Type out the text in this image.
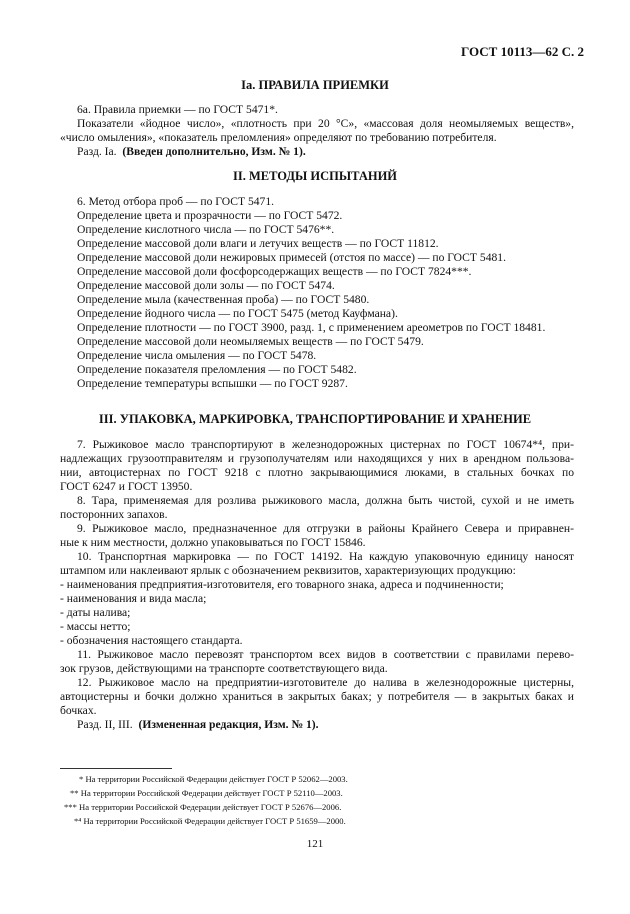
ГОСТ 10113—62 С. 2
Ia. ПРАВИЛА ПРИЕМКИ
6а. Правила приемки — по ГОСТ 5471*.
Показатели «йодное число», «плотность при 20 °С», «массовая доля неомыляемых веществ»,
«число омыления», «показатель преломления» определяют по требованию потребителя.
Разд. Ia. (Введен дополнительно, Изм. № 1).
II. МЕТОДЫ ИСПЫТАНИЙ
6. Метод отбора проб — по ГОСТ 5471.
Определение цвета и прозрачности — по ГОСТ 5472.
Определение кислотного числа — по ГОСТ 5476**.
Определение массовой доли влаги и летучих веществ — по ГОСТ 11812.
Определение массовой доли нежировых примесей (отстоя по массе) — по ГОСТ 5481.
Определение массовой доли фосфорсодержащих веществ — по ГОСТ 7824***.
Определение массовой доли золы — по ГОСТ 5474.
Определение мыла (качественная проба) — по ГОСТ 5480.
Определение йодного числа — по ГОСТ 5475 (метод Кауфмана).
Определение плотности — по ГОСТ 3900, разд. 1, с применением ареометров по ГОСТ 18481.
Определение массовой доли неомыляемых веществ — по ГОСТ 5479.
Определение числа омыления — по ГОСТ 5478.
Определение показателя преломления — по ГОСТ 5482.
Определение температуры вспышки — по ГОСТ 9287.
III. УПАКОВКА, МАРКИРОВКА, ТРАНСПОРТИРОВАНИЕ И ХРАНЕНИЕ
7. Рыжиковое масло транспортируют в железнодорожных цистернах по ГОСТ 10674*⁴, при-
надлежащих грузоотправителям и грузополучателям или находящихся у них в арендном пользова-
нии, автоцистернах по ГОСТ 9218 с плотно закрывающимися люками, в стальных бочках по
ГОСТ 6247 и ГОСТ 13950.
8. Тара, применяемая для розлива рыжикового масла, должна быть чистой, сухой и не иметь
посторонних запахов.
9. Рыжиковое масло, предназначенное для отгрузки в районы Крайнего Севера и приравнен-
ные к ним местности, должно упаковываться по ГОСТ 15846.
10. Транспортная маркировка — по ГОСТ 14192. На каждую упаковочную единицу наносят
штампом или наклеивают ярлык с обозначением реквизитов, характеризующих продукцию:
- наименования предприятия-изготовителя, его товарного знака, адреса и подчиненности;
- наименования и вида масла;
- даты налива;
- массы нетто;
- обозначения настоящего стандарта.
11. Рыжиковое масло перевозят транспортом всех видов в соответствии с правилами перево-
зок грузов, действующими на транспорте соответствующего вида.
12. Рыжиковое масло на предприятии-изготовителе до налива в железнодорожные цистерны,
автоцистерны и бочки должно храниться в закрытых баках; у потребителя — в закрытых баках и
бочках.
Разд. II, III. (Измененная редакция, Изм. № 1).
* На территории Российской Федерации действует ГОСТ Р 52062—2003.
** На территории Российской Федерации действует ГОСТ Р 52110—2003.
*** На территории Российской Федерации действует ГОСТ Р 52676—2006.
*⁴ На территории Российской Федерации действует ГОСТ Р 51659—2000.
121
